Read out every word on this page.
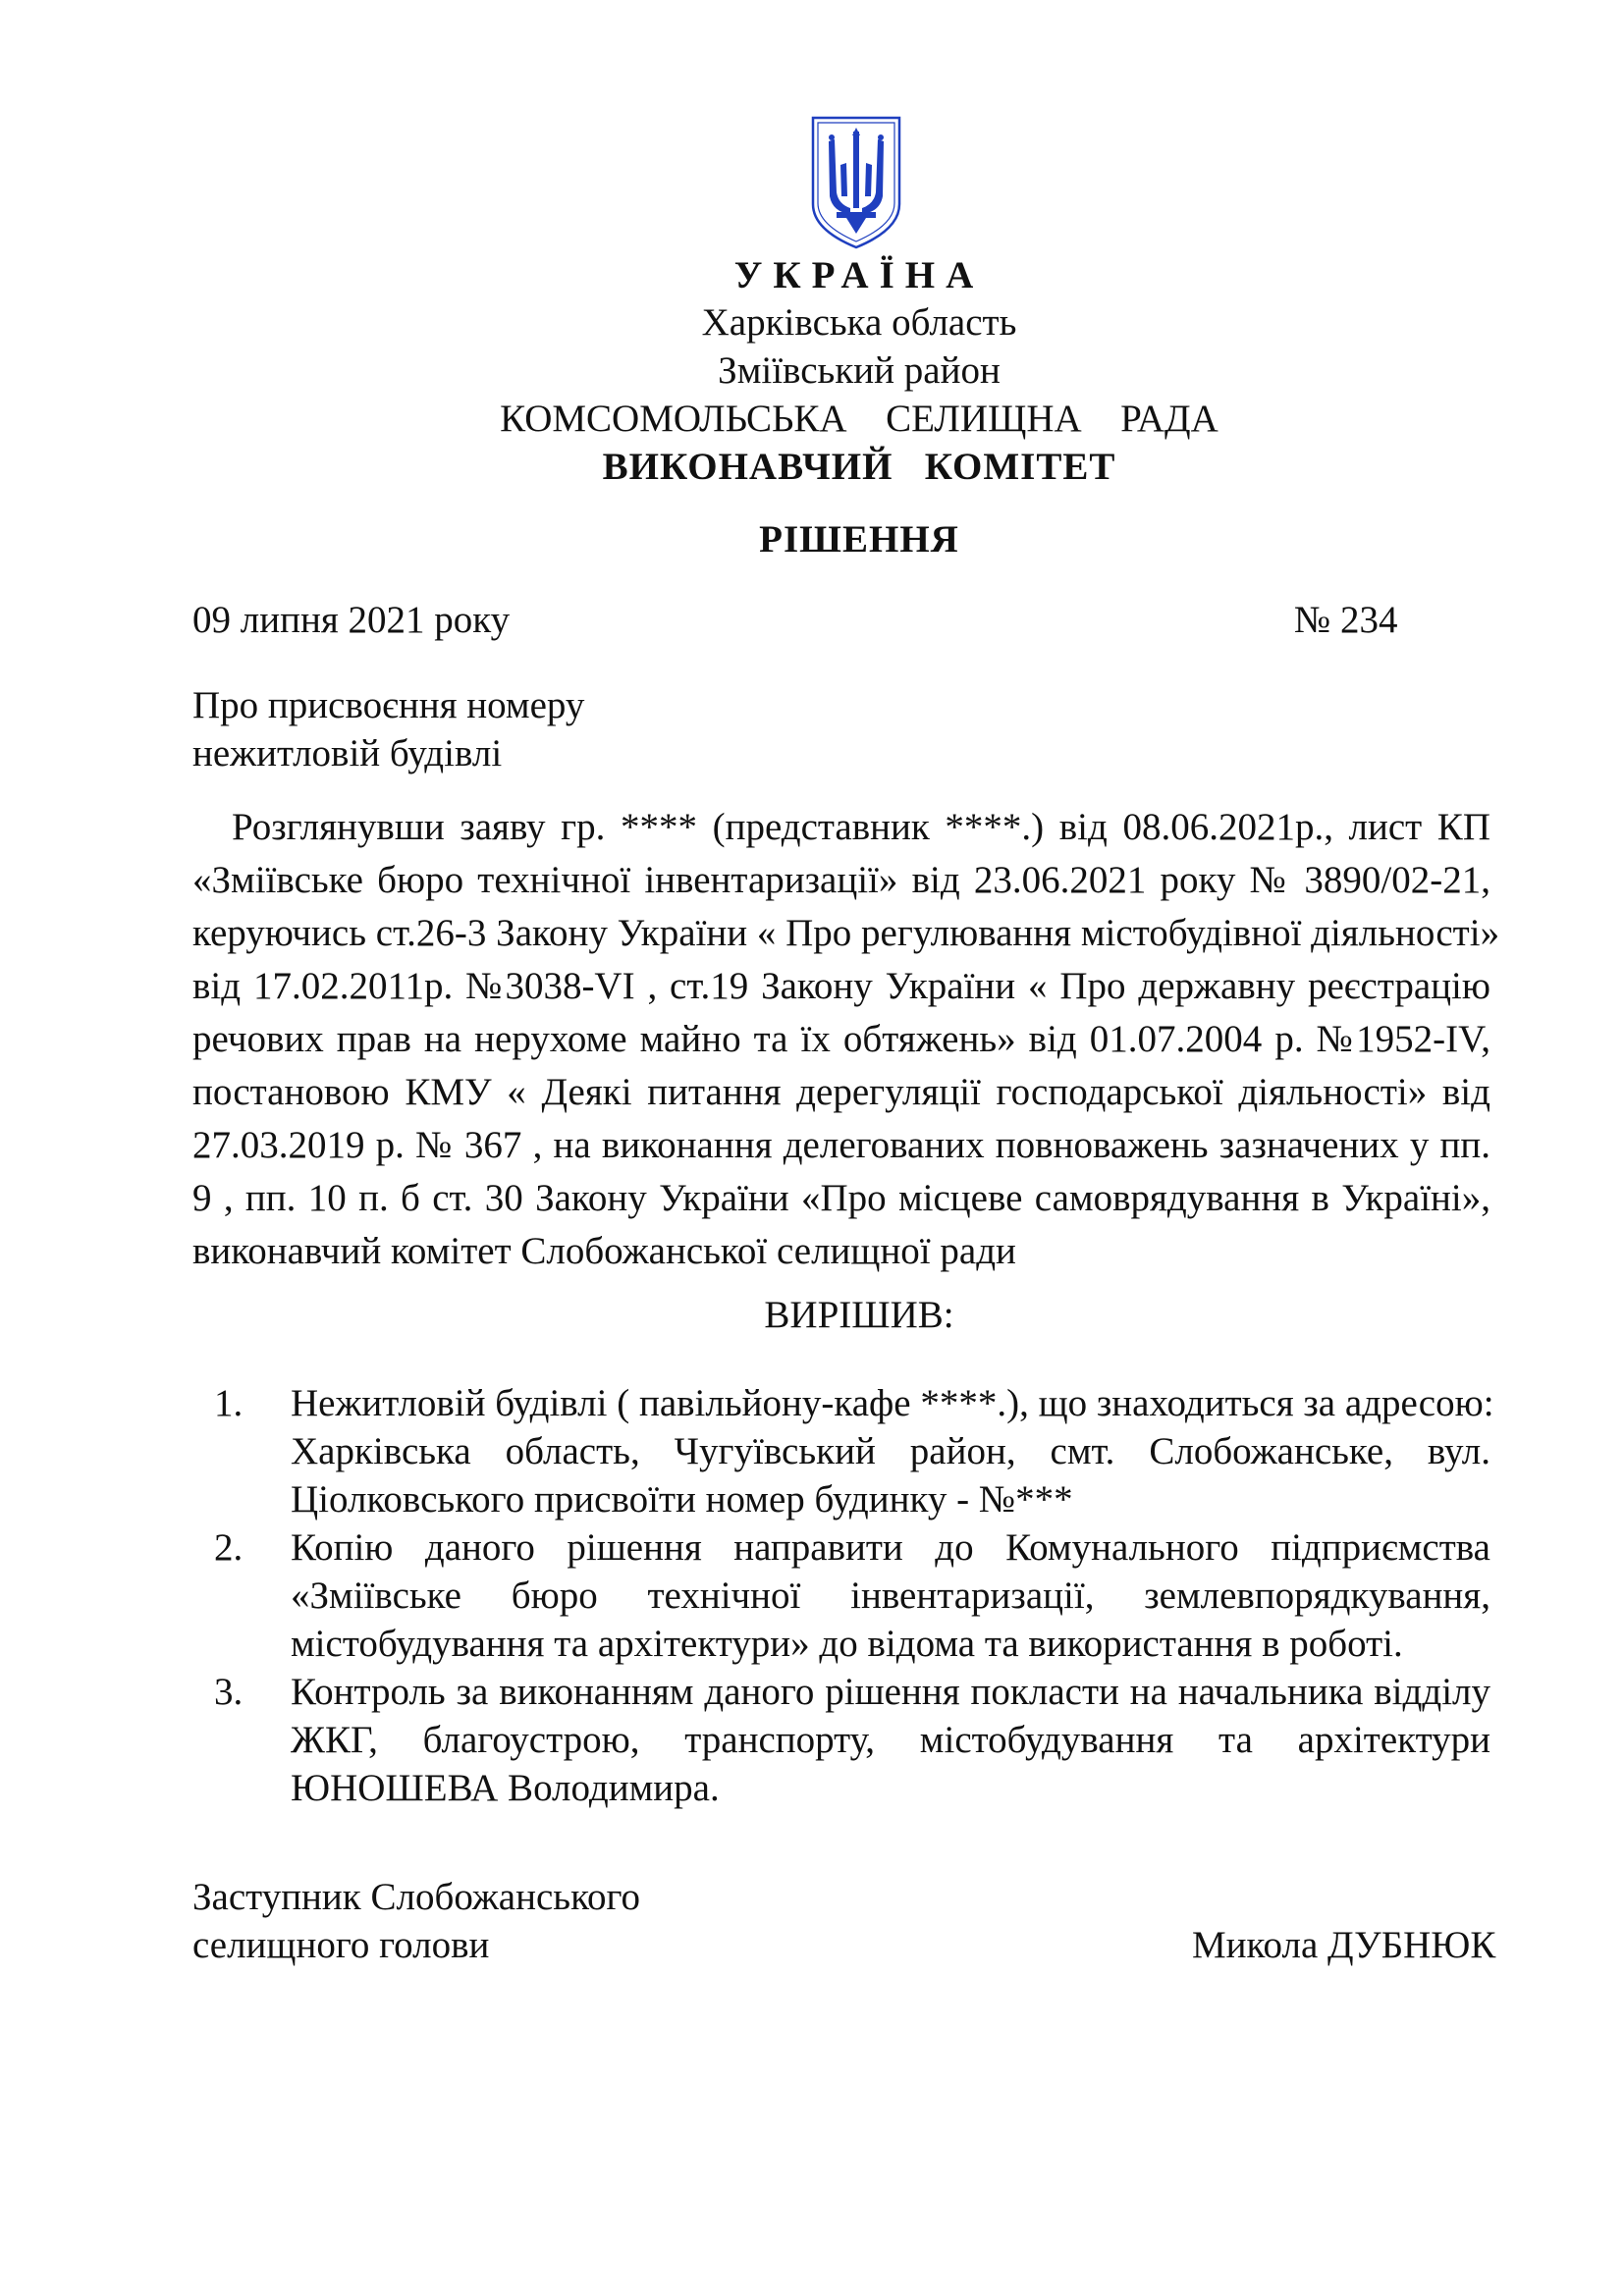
УКРАЇНА
Харківська область
Зміївський район
КОМСОМОЛЬСЬКА  СЕЛИЩНА  РАДА
ВИКОНАВЧИЙ   КОМІТЕТ
РІШЕННЯ
09 липня 2021 року	№ 234
Про присвоєння номеру
нежитловій будівлі
Розглянувши заяву гр. **** (представник ****.) від 08.06.2021р., лист КП
«Зміївське бюро технічної інвентаризації» від 23.06.2021 року № 3890/02-21,
керуючись ст.26-3 Закону України « Про регулювання містобудівної діяльності»
від 17.02.2011р. №3038-VI , ст.19 Закону України « Про державну реєстрацію
речових прав на нерухоме майно та їх обтяжень» від 01.07.2004 р. №1952-IV,
постановою КМУ « Деякі питання дерегуляції господарської діяльності» від
27.03.2019 р. № 367 , на виконання делегованих повноважень зазначених у пп.
9 , пп. 10 п. б ст. 30 Закону України «Про місцеве самоврядування в Україні»,
виконавчий комітет Слобожанської селищної ради
ВИРІШИВ:
1. Нежитловій будівлі ( павільйону-кафе ****.), що знаходиться за адресою:
Харківська область, Чугуївський район, смт. Слобожанське, вул.
Ціолковського присвоїти номер будинку - №***
2. Копію даного рішення направити до Комунального підприємства
«Зміївське бюро технічної інвентаризації, землевпорядкування,
містобудування та архітектури» до відома та використання в роботі.
3. Контроль за виконанням даного рішення покласти на начальника відділу
ЖКГ, благоустрою, транспорту, містобудування та архітектури
ЮНОШЕВА Володимира.
Заступник Слобожанського
селищного голови	Микола ДУБНЮК
